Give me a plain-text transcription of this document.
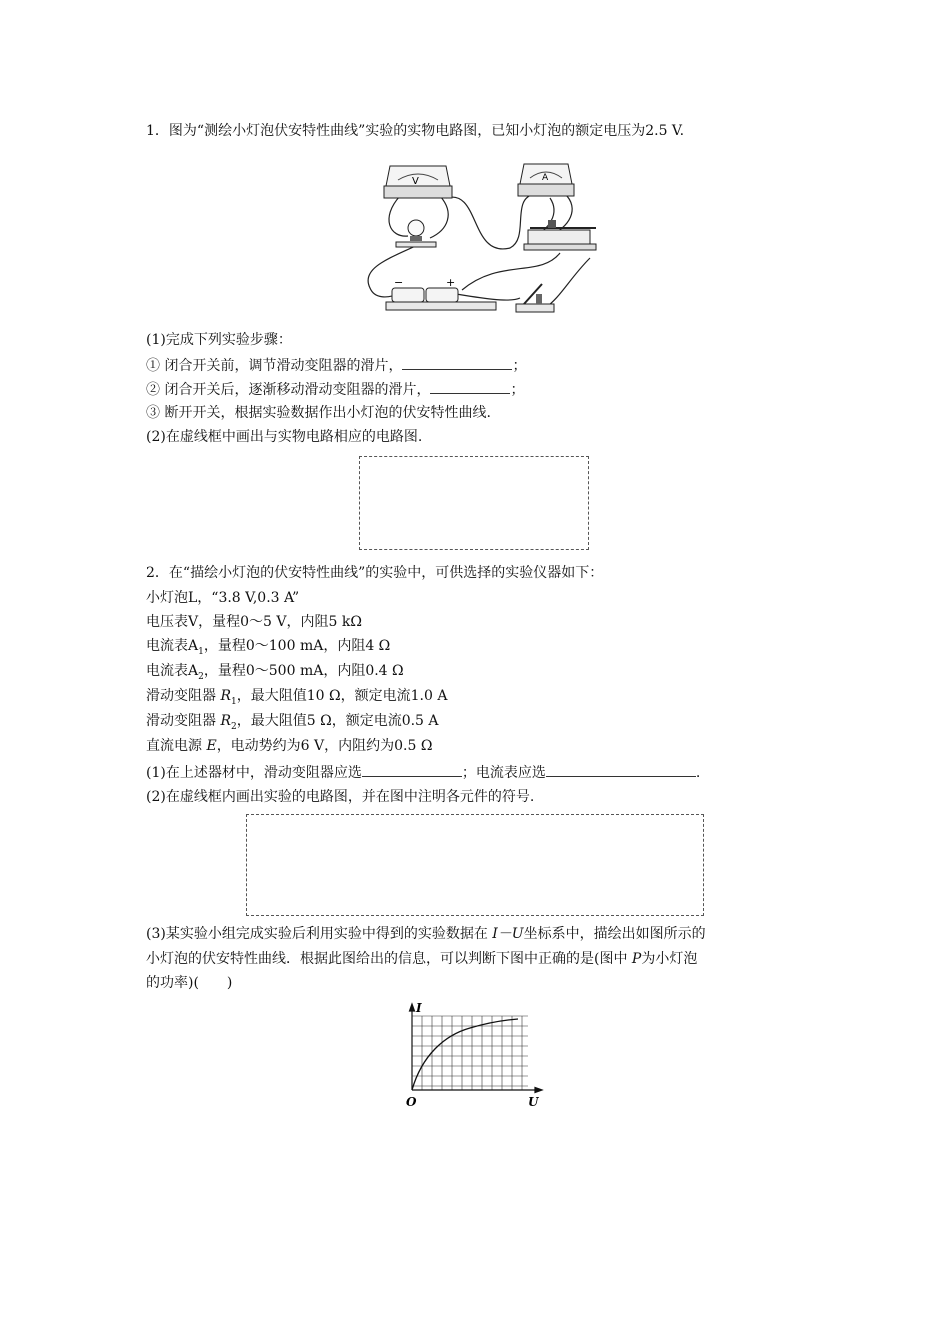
1．图为“测绘小灯泡伏安特性曲线”实验的实物电路图，已知小灯泡的额定电压为2.5 V.
V	A
−	+
(1)完成下列实验步骤：
① 闭合开关前，调节滑动变阻器的滑片，	；
② 闭合开关后，逐渐移动滑动变阻器的滑片，	；
③ 断开开关，根据实验数据作出小灯泡的伏安特性曲线.
(2)在虚线框中画出与实物电路相应的电路图.
2．在“描绘小灯泡的伏安特性曲线”的实验中，可供选择的实验仪器如下：
小灯泡L，“3.8 V,0.3 A”
电压表V，量程0～5 V，内阻5 kΩ
电流表$A_1$，量程0～100 mA，内阻4 Ω
电流表$A_2$，量程0～500 mA，内阻0.4 Ω
滑动变阻器 $R_1$，最大阻值10 Ω，额定电流1.0 A
滑动变阻器 $R_2$，最大阻值5 Ω，额定电流0.5 A
直流电源 E，电动势约为6 V，内阻约为0.5 Ω
(1)在上述器材中，滑动变阻器应选	；电流表应选	.
(2)在虚线框内画出实验的电路图，并在图中注明各元件的符号.
(3)某实验小组完成实验后利用实验中得到的实验数据在 I－U坐标系中，描绘出如图所示的
小灯泡的伏安特性曲线．根据此图给出的信息，可以判断下图中正确的是(图中 P为小灯泡
的功率)(　　)
I
U
O
